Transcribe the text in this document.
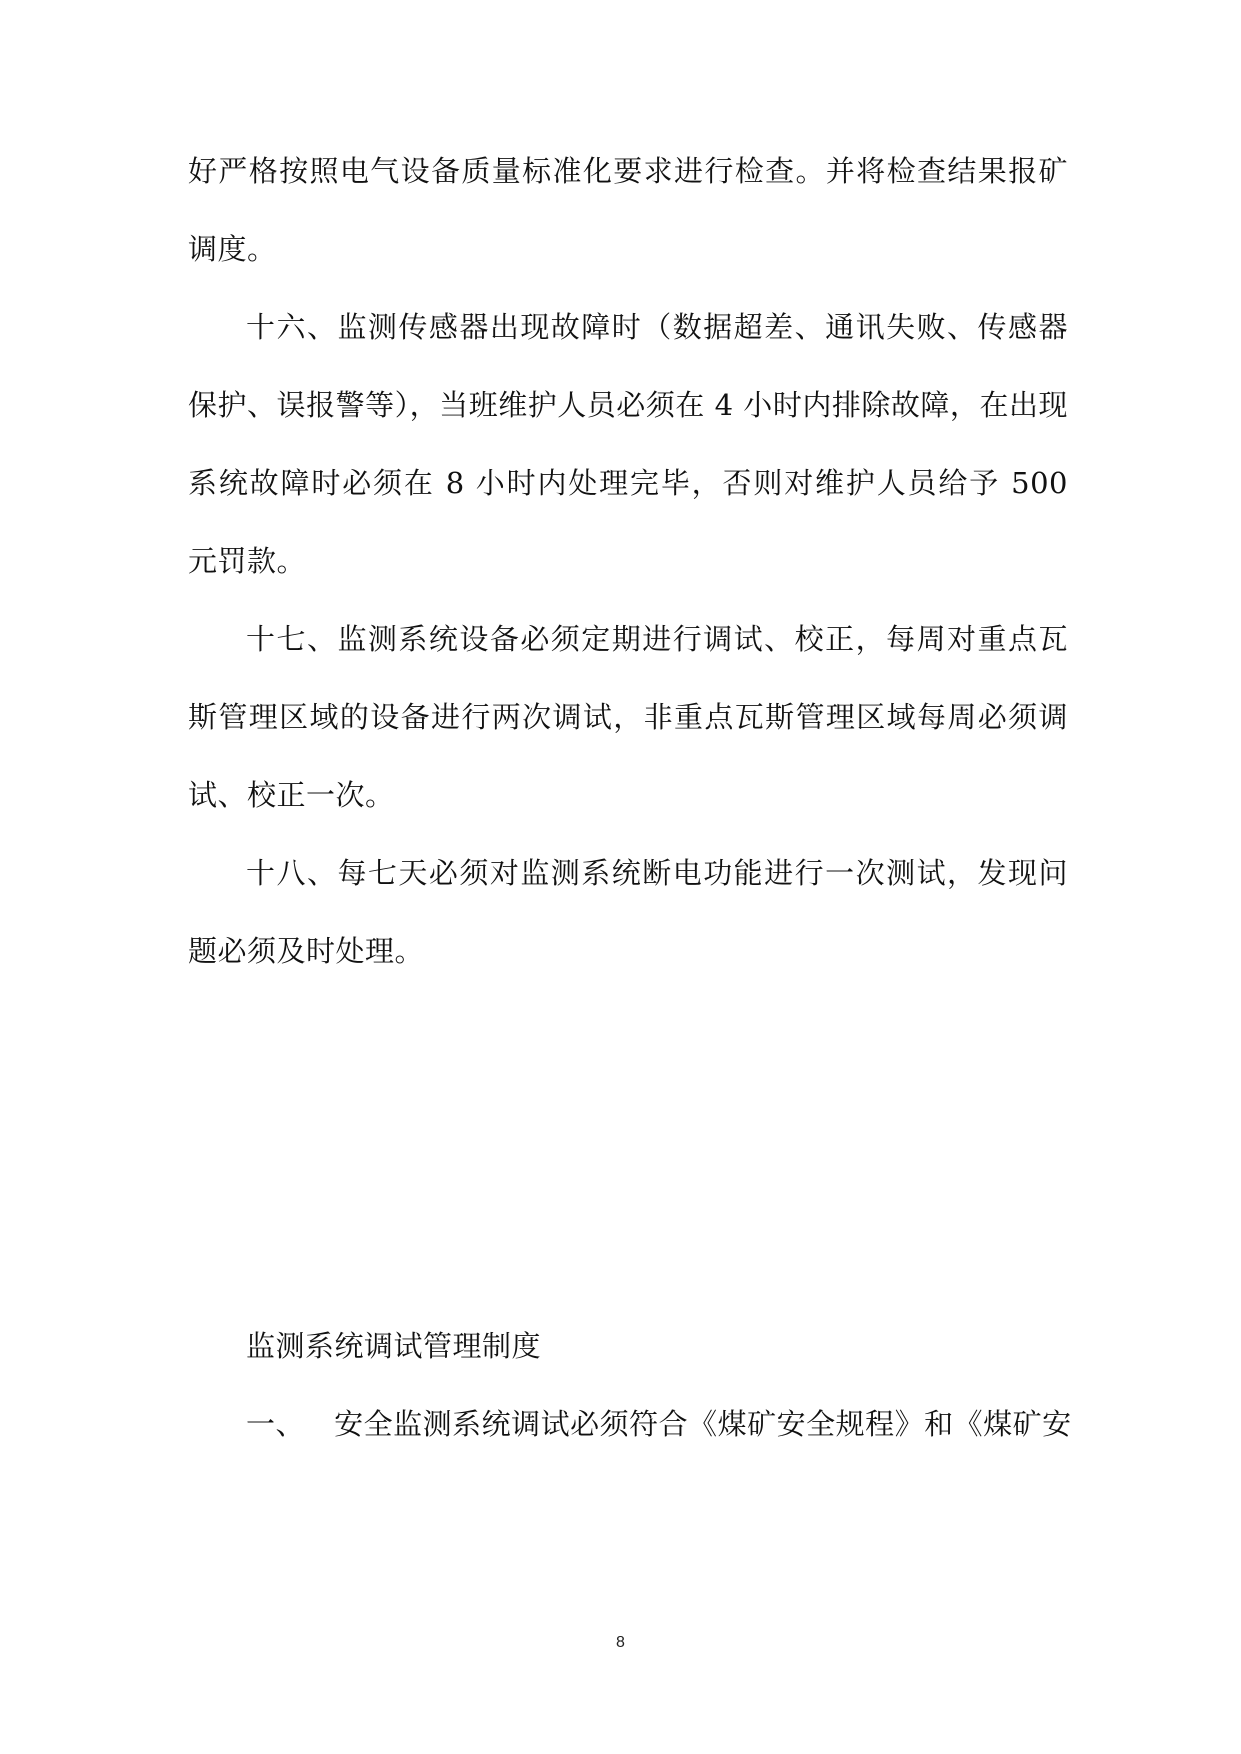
好严格按照电气设备质量标准化要求进行检查。并将检查结果报矿调度。

十六、监测传感器出现故障时（数据超差、通讯失败、传感器保护、误报警等），当班维护人员必须在 4 小时内排除故障，在出现系统故障时必须在 8 小时内处理完毕，否则对维护人员给予 500 元罚款。

十七、监测系统设备必须定期进行调试、校正，每周对重点瓦斯管理区域的设备进行两次调试，非重点瓦斯管理区域每周必须调试、校正一次。

十八、每七天必须对监测系统断电功能进行一次测试，发现问题必须及时处理。

监测系统调试管理制度

一、   安全监测系统调试必须符合《煤矿安全规程》和《煤矿安

8
